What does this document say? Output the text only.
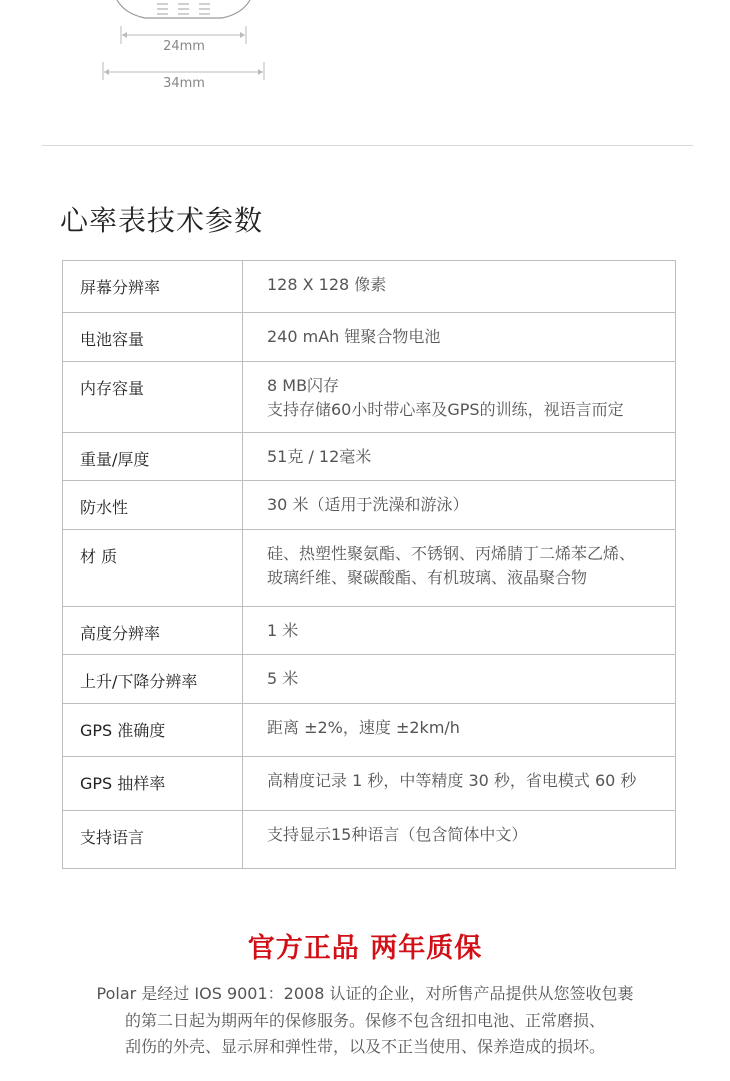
24mm
34mm
心率表技术参数
屏幕分辨率	128 X 128 像素

电池容量	240 mAh 锂聚合物电池

内存容量	8 MB闪存
支持存储60小时带心率及GPS的训练，视语言而定

重量/厚度	51克 / 12毫米

防水性	30 米（适用于洗澡和游泳）

材 质	硅、热塑性聚氨酯、不锈钢、丙烯腈丁二烯苯乙烯、
玻璃纤维、聚碳酸酯、有机玻璃、液晶聚合物

高度分辨率	1 米

上升/下降分辨率	5 米

GPS 准确度	距离 ±2%，速度 ±2km/h

GPS 抽样率	高精度记录 1 秒，中等精度 30 秒，省电模式 60 秒

支持语言	支持显示15种语言（包含简体中文）
官方正品 两年质保
Polar 是经过 IOS 9001：2008 认证的企业，对所售产品提供从您签收包裹
的第二日起为期两年的保修服务。保修不包含纽扣电池、正常磨损、
刮伤的外壳、显示屏和弹性带，以及不正当使用、保养造成的损坏。
